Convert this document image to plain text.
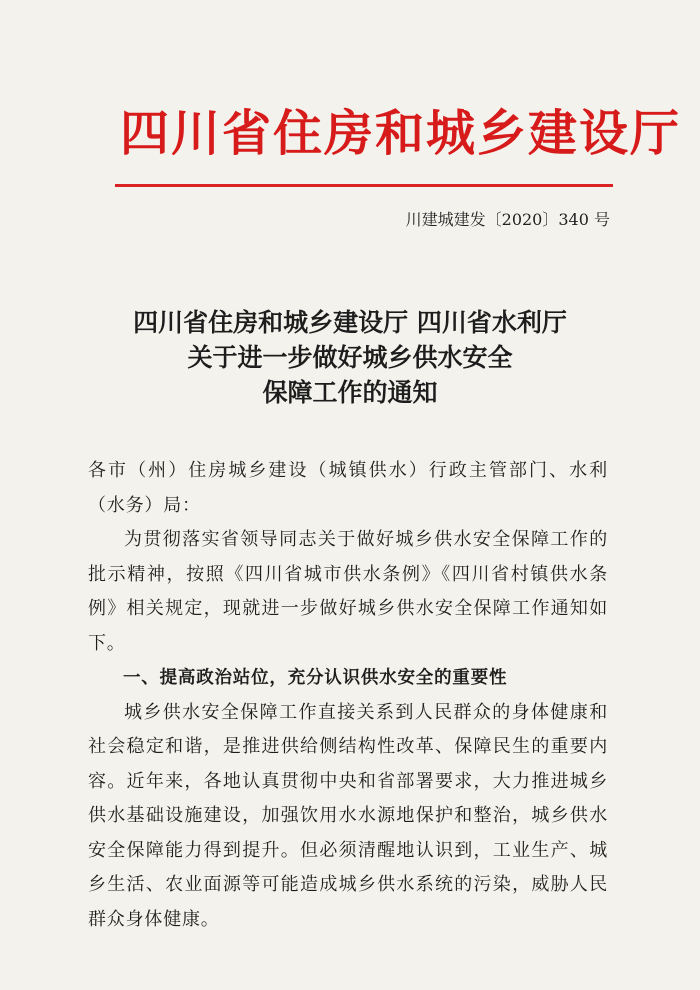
四川省住房和城乡建设厅
川建城建发〔2020〕340 号
四川省住房和城乡建设厅 四川省水利厅
关于进一步做好城乡供水安全
保障工作的通知

各市（州）住房城乡建设（城镇供水）行政主管部门、水利（水务）局：

为贯彻落实省领导同志关于做好城乡供水安全保障工作的批示精神，按照《四川省城市供水条例》《四川省村镇供水条例》相关规定，现就进一步做好城乡供水安全保障工作通知如下。

一、提高政治站位，充分认识供水安全的重要性

城乡供水安全保障工作直接关系到人民群众的身体健康和社会稳定和谐，是推进供给侧结构性改革、保障民生的重要内容。近年来，各地认真贯彻中央和省部署要求，大力推进城乡供水基础设施建设，加强饮用水水源地保护和整治，城乡供水安全保障能力得到提升。但必须清醒地认识到，工业生产、城乡生活、农业面源等可能造成城乡供水系统的污染，威胁人民群众身体健康。
